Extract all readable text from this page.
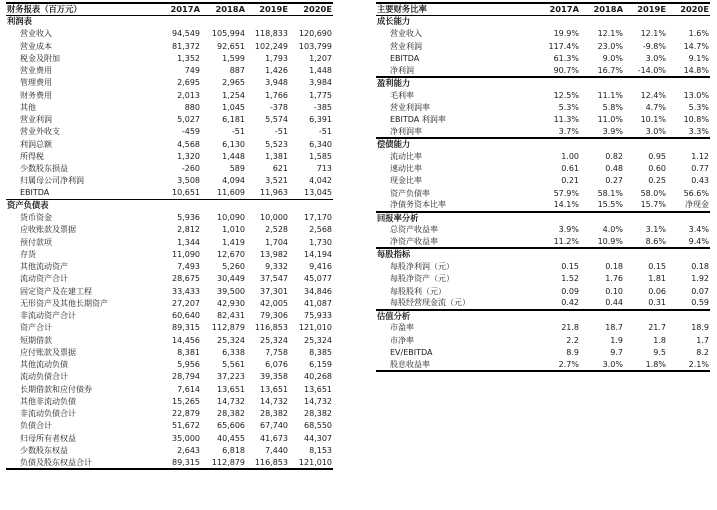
财务报表（百万元）	2017A	2018A	2019E	2020E
利润表				
营业收入	94,549	105,994	118,833	120,690
营业成本	81,372	92,651	102,249	103,799
税金及附加	1,352	1,599	1,793	1,207
营业费用	749	887	1,426	1,448
管理费用	2,695	2,965	3,948	3,984
财务费用	2,013	1,254	1,766	1,775
其他	880	1,045	-378	-385
营业利润	5,027	6,181	5,574	6,391
营业外收支	-459	-51	-51	-51
利润总额	4,568	6,130	5,523	6,340
所得税	1,320	1,448	1,381	1,585
少数股东损益	-260	589	621	713
归属母公司净利润	3,508	4,094	3,521	4,042
EBITDA	10,651	11,609	11,963	13,045
资产负债表				
货币资金	5,936	10,090	10,000	17,170
应收账款及票据	2,812	1,010	2,528	2,568
预付款项	1,344	1,419	1,704	1,730
存货	11,090	12,670	13,982	14,194
其他流动资产	7,493	5,260	9,332	9,416
流动资产合计	28,675	30,449	37,547	45,077
固定资产及在建工程	33,433	39,500	37,301	34,846
无形资产及其他长期资产	27,207	42,930	42,005	41,087
非流动资产合计	60,640	82,431	79,306	75,933
资产合计	89,315	112,879	116,853	121,010
短期借款	14,456	25,324	25,324	25,324
应付账款及票据	8,381	6,338	7,758	8,385
其他流动负债	5,956	5,561	6,076	6,159
流动负债合计	28,794	37,223	39,358	40,268
长期借款和应付债券	7,614	13,651	13,651	13,651
其他非流动负债	15,265	14,732	14,732	14,732
非流动负债合计	22,879	28,382	28,382	28,382
负债合计	51,672	65,606	67,740	68,550
归母所有者权益	35,000	40,455	41,673	44,307
少数股东权益	2,643	6,818	7,440	8,153
负债及股东权益合计	89,315	112,879	116,853	121,010
主要财务比率	2017A	2018A	2019E	2020E
成长能力				
营业收入	19.9%	12.1%	12.1%	1.6%
营业利润	117.4%	23.0%	-9.8%	14.7%
EBITDA	61.3%	9.0%	3.0%	9.1%
净利润	90.7%	16.7%	-14.0%	14.8%
盈利能力				
毛利率	12.5%	11.1%	12.4%	13.0%
营业利润率	5.3%	5.8%	4.7%	5.3%
EBITDA 利润率	11.3%	11.0%	10.1%	10.8%
净利润率	3.7%	3.9%	3.0%	3.3%
偿债能力				
流动比率	1.00	0.82	0.95	1.12
速动比率	0.61	0.48	0.60	0.77
现金比率	0.21	0.27	0.25	0.43
资产负债率	57.9%	58.1%	58.0%	56.6%
净债务资本比率	14.1%	15.5%	15.7%	净现金
回报率分析				
总资产收益率	3.9%	4.0%	3.1%	3.4%
净资产收益率	11.2%	10.9%	8.6%	9.4%
每股指标				
每股净利润（元）	0.15	0.18	0.15	0.18
每股净资产（元）	1.52	1.76	1.81	1.92
每股股利（元）	0.09	0.10	0.06	0.07
每股经营现金流（元）	0.42	0.44	0.31	0.59
估值分析				
市盈率	21.8	18.7	21.7	18.9
市净率	2.2	1.9	1.8	1.7
EV/EBITDA	8.9	9.7	9.5	8.2
股息收益率	2.7%	3.0%	1.8%	2.1%
